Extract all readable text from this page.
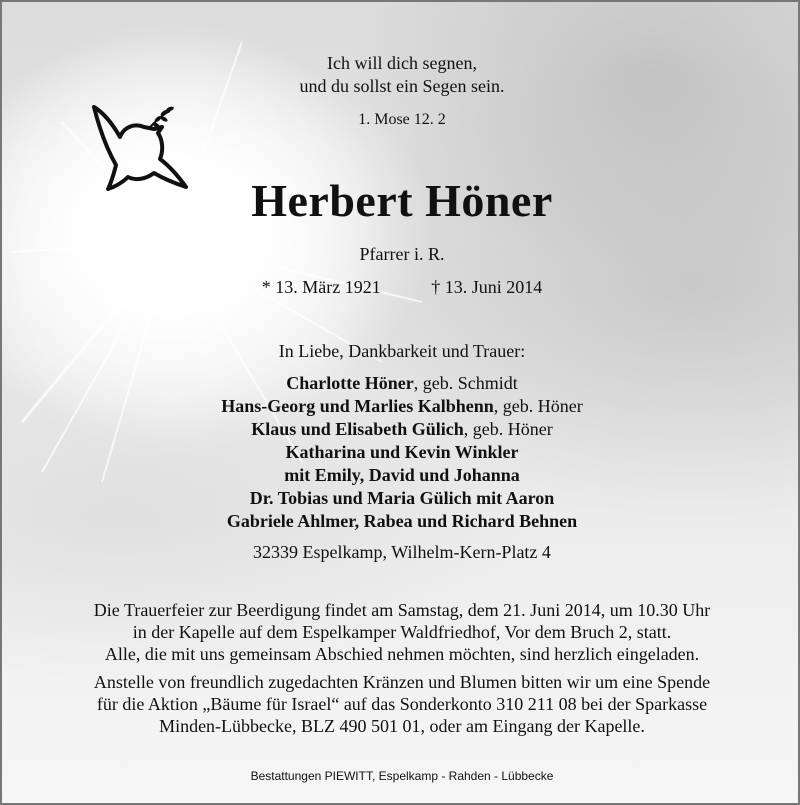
Ich will dich segnen,
und du sollst ein Segen sein.
1. Mose 12. 2
Herbert Höner
Pfarrer i. R.
* 13. März 1921	† 13. Juni 2014
In Liebe, Dankbarkeit und Trauer:
Charlotte Höner, geb. Schmidt
Hans-Georg und Marlies Kalbhenn, geb. Höner
Klaus und Elisabeth Gülich, geb. Höner
Katharina und Kevin Winkler
mit Emily, David und Johanna
Dr. Tobias und Maria Gülich mit Aaron
Gabriele Ahlmer, Rabea und Richard Behnen
32339 Espelkamp, Wilhelm-Kern-Platz 4

Die Trauerfeier zur Beerdigung findet am Samstag, dem 21. Juni 2014, um 10.30 Uhr

in der Kapelle auf dem Espelkamper Waldfriedhof, Vor dem Bruch 2, statt.

Alle, die mit uns gemeinsam Abschied nehmen möchten, sind herzlich eingeladen.

Anstelle von freundlich zugedachten Kränzen und Blumen bitten wir um eine Spende

für die Aktion „Bäume für Israel“ auf das Sonderkonto 310 211 08 bei der Sparkasse

Minden-Lübbecke, BLZ 490 501 01, oder am Eingang der Kapelle.

Bestattungen PIEWITT, Espelkamp - Rahden - Lübbecke
